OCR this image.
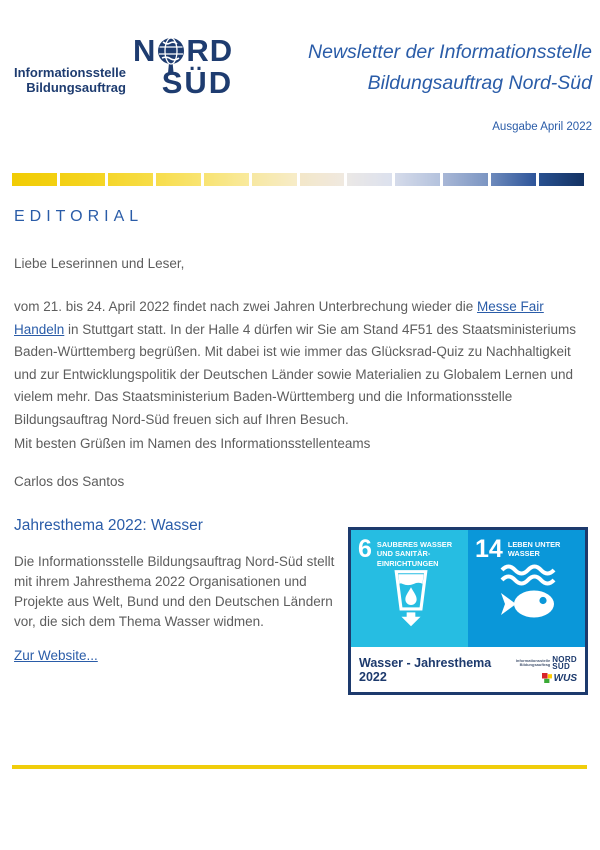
Informationsstelle
Bildungsauftrag
N RD
SÜD
Newsletter der Informationsstelle
Bildungsauftrag Nord-Süd
Ausgabe April 2022
EDITORIAL

Liebe Leserinnen und Leser,

vom 21. bis 24. April 2022 findet nach zwei Jahren Unterbrechung wieder die Messe Fair Handeln in Stuttgart statt. In der Halle 4 dürfen wir Sie am Stand 4F51 des Staatsministeriums Baden-Württemberg begrüßen. Mit dabei ist wie immer das Glücksrad-Quiz zu Nachhaltigkeit und zur Entwicklungspolitik der Deutschen Länder sowie Materialien zu Globalem Lernen und vielem mehr. Das Staatsministerium Baden-Württemberg und die Informationsstelle Bildungsauftrag Nord-Süd freuen sich auf Ihren Besuch.

Mit besten Grüßen im Namen des Informationsstellenteams

Carlos dos Santos

Jahresthema 2022: Wasser

Die Informationsstelle Bildungsauftrag Nord-Süd stellt mit ihrem Jahresthema 2022 Organisationen und Projekte aus Welt, Bund und den Deutschen Ländern vor, die sich dem Thema Wasser widmen.

Zur Website...
6 SAUBERES WASSER
UND SANITÄR-
EINRICHTUNGEN
14 LEBEN UNTER
WASSER
Wasser - Jahresthema 2022
Informationsstelle
Bildungsauftrag
NORD
SÜD
WUS
